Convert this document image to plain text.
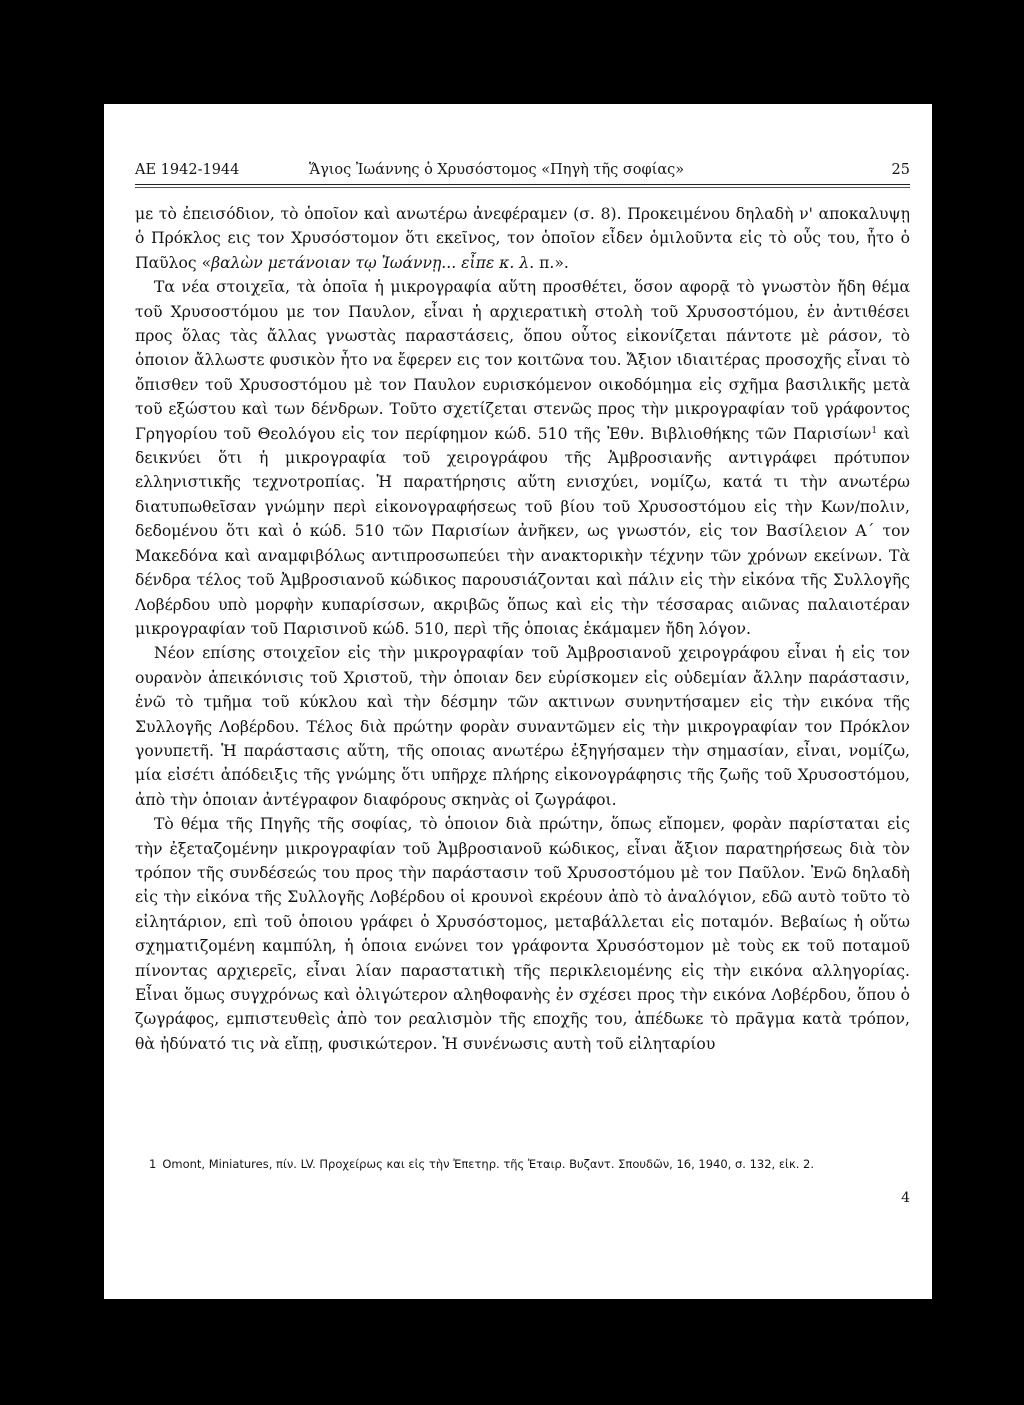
ΑΕ 1942-1944	Ἅγιος Ἰωάννης ὁ Χρυσόστομος «Πηγὴ τῆς σοφίας»	25

με τὸ ἐπεισόδιον, τὸ ὁποῖον καὶ ανωτέρω ἀνεφέραμεν (σ. 8). Προκειμένου δηλαδὴ ν' αποκαλυψῃ ὁ Πρόκλος εις τον Χρυσόστομον ὅτι εκεῖνος, τον ὁποῖον εἶδεν ὁμιλοῦντα εἰς τὸ οὖς του, ἦτο ὁ Παῦλος «βαλὼν μετάνοιαν τῳ Ἰωάννῃ... εἶπε κ. λ. π.».

Τα νέα στοιχεῖα, τὰ ὁποῖα ἡ μικρογραφία αὕτη προσθέτει, ὅσον αφορᾷ τὸ γνωστὸν ἤδη θέμα τοῦ Χρυσοστόμου με τον Παυλον, εἶναι ἡ αρχιερατικὴ στολὴ τοῦ Χρυσοστόμου, ἐν ἀντιθέσει προς ὅλας τὰς ἄλλας γνωστὰς παραστάσεις, ὅπου οὗτος εἰκονίζεται πάντοτε μὲ ράσον, τὸ ὁποιον ἄλλωστε φυσικὸν ἦτο να ἔφερεν εις τον κοιτῶνα του. Ἄξιον ιδιαιτέρας προσοχῆς εἶναι τὸ ὄπισθεν τοῦ Χρυσοστόμου μὲ τον Παυλον ευρισκόμενον οικοδόμημα εἰς σχῆμα βασιλικῆς μετὰ τοῦ εξώστου καὶ των δένδρων. Τοῦτο σχετίζεται στενῶς προς τὴν μικρογραφίαν τοῦ γράφοντος Γρηγορίου τοῦ Θεολόγου εἰς τον περίφημον κώδ. 510 τῆς Ἐθν. Βιβλιοθήκης τῶν Παρισίων$^1$ καὶ δεικνύει ὅτι ἡ μικρογραφία τοῦ χειρογράφου τῆς Ἀμβροσιανῆς αντιγράφει πρότυπον ελληνιστικῆς τεχνοτροπίας. Ἡ παρατήρησις αὕτη ενισχύει, νομίζω, κατά τι τὴν ανωτέρω διατυπωθεῖσαν γνώμην περὶ εἰκονογραφήσεως τοῦ βίου τοῦ Χρυσοστόμου εἰς τὴν Κων/πολιν, δεδομένου ὅτι καὶ ὁ κώδ. 510 τῶν Παρισίων ἀνῆκεν, ως γνωστόν, εἰς τον Βασίλειον Α΄ τον Μακεδόνα καὶ αναμφιβόλως αντιπροσωπεύει τὴν ανακτορικὴν τέχνην τῶν χρόνων εκείνων. Τὰ δένδρα τέλος τοῦ Ἀμβροσιανοῦ κώδικος παρουσιάζονται καὶ πάλιν εἰς τὴν εἰκόνα τῆς Συλλογῆς Λοβέρδου υπὸ μορφὴν κυπαρίσσων, ακριβῶς ὅπως καὶ εἰς τὴν τέσσαρας αιῶνας παλαιοτέραν μικρογραφίαν τοῦ Παρισινοῦ κώδ. 510, περὶ τῆς ὁποιας ἐκάμαμεν ἤδη λόγον.

Νέον επίσης στοιχεῖον εἰς τὴν μικρογραφίαν τοῦ Ἀμβροσιανοῦ χειρογράφου εἶναι ἡ εἰς τον ουρανὸν ἀπεικόνισις τοῦ Χριστοῦ, τὴν ὁποιαν δεν εὑρίσκομεν εἰς οὐδεμίαν ἄλλην παράστασιν, ἐνῶ τὸ τμῆμα τοῦ κύκλου καὶ τὴν δέσμην τῶν ακτινων συνηντήσαμεν εἰς τὴν εικόνα τῆς Συλλογῆς Λοβέρδου. Τέλος διὰ πρώτην φορὰν συναντῶμεν εἰς τὴν μικρογραφίαν τον Πρόκλον γονυπετῆ. Ἡ παράστασις αὕτη, τῆς οποιας ανωτέρω ἐξηγήσαμεν τὴν σημασίαν, εἶναι, νομίζω, μία εἰσέτι ἀπόδειξις τῆς γνώμης ὅτι υπῆρχε πλήρης εἰκονογράφησις τῆς ζωῆς τοῦ Χρυσοστόμου, ἀπὸ τὴν ὁποιαν ἀντέγραφον διαφόρους σκηνὰς οἱ ζωγράφοι.

Τὸ θέμα τῆς Πηγῆς τῆς σοφίας, τὸ ὁποιον διὰ πρώτην, ὅπως εἴπομεν, φορὰν παρίσταται εἰς τὴν ἐξεταζομένην μικρογραφίαν τοῦ Ἀμβροσιανοῦ κώδικος, εἶναι ἄξιον παρατηρήσεως διὰ τὸν τρόπον τῆς συνδέσεώς του προς τὴν παράστασιν τοῦ Χρυσοστόμου μὲ τον Παῦλον. Ἐνῶ δηλαδὴ εἰς τὴν εἰκόνα τῆς Συλλογῆς Λοβέρδου οἱ κρουνοὶ εκρέουν ἀπὸ τὸ ἀναλόγιον, εδῶ αυτὸ τοῦτο τὸ εἰλητάριον, επὶ τοῦ ὁποιου γράφει ὁ Χρυσόστομος, μεταβάλλεται εἰς ποταμόν. Βεβαίως ἡ οὕτω σχηματιζομένη καμπύλη, ἡ ὁποια ενώνει τον γράφοντα Χρυσόστομον μὲ τοὺς εκ τοῦ ποταμοῦ πίνοντας αρχιερεῖς, εἶναι λίαν παραστατικὴ τῆς περικλειομένης εἰς τὴν εικόνα αλληγορίας. Εἶναι ὅμως συγχρόνως καὶ ὀλιγώτερον αληθοφανὴς ἐν σχέσει προς τὴν εικόνα Λοβέρδου, ὅπου ὁ ζωγράφος, εμπιστευθεὶς ἀπὸ τον ρεαλισμὸν τῆς εποχῆς του, ἀπέδωκε τὸ πρᾶγμα κατὰ τρόπον, θὰ ἠδύνατό τις νὰ εἴπῃ, φυσικώτερον. Ἡ συνένωσις αυτὴ τοῦ εἰληταρίου

1 Omont, Miniatures, πίν. LV. Προχείρως και εἰς τὴν Ἐπετηρ. τῆς Ἑταιρ. Βυζαντ. Σπουδῶν, 16, 1940, σ. 132, εἰκ. 2.
4
